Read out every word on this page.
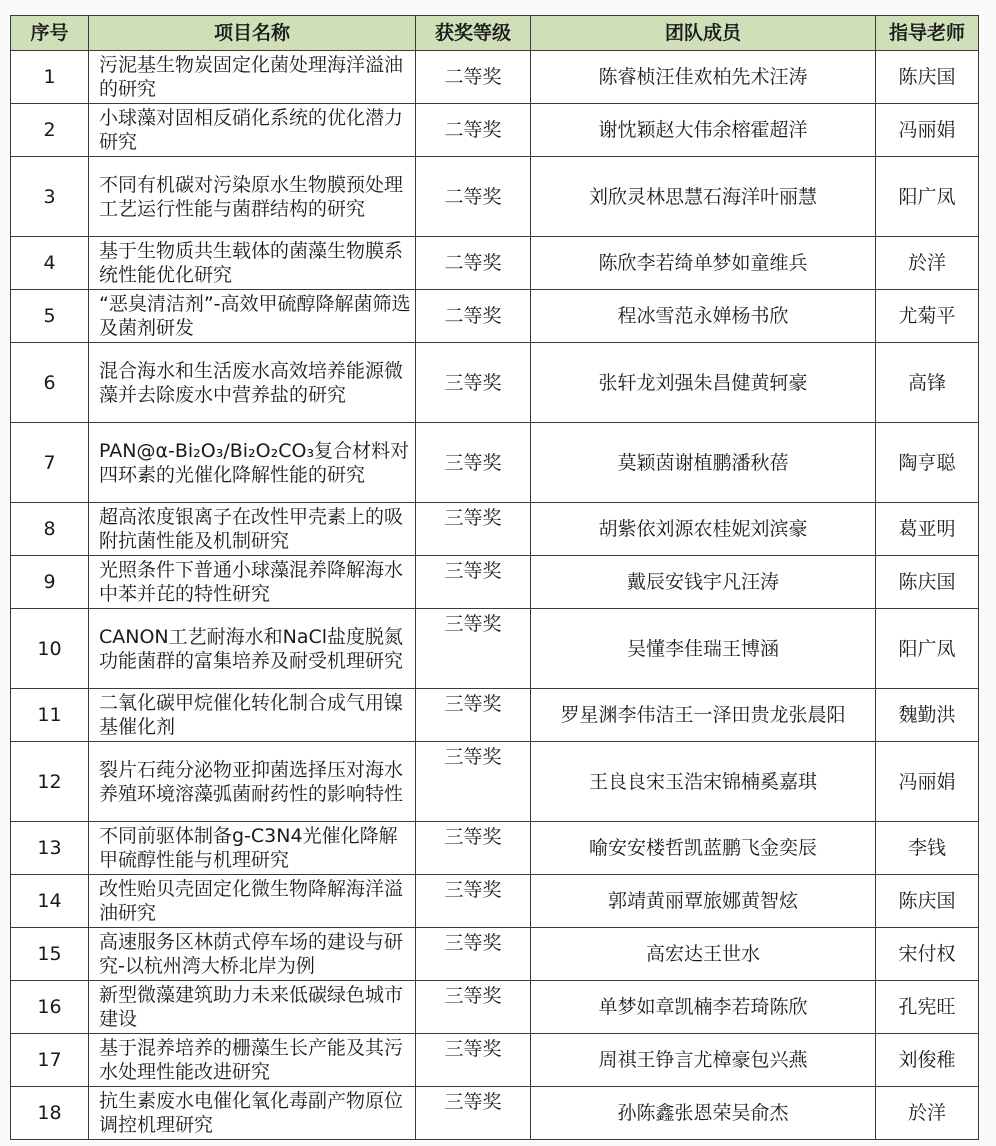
序号	项目名称	获奖等级	团队成员	指导老师
1	污泥基生物炭固定化菌处理海洋溢油的研究	二等奖	陈睿桢汪佳欢柏先术汪涛	陈庆国
2	小球藻对固相反硝化系统的优化潜力研究	二等奖	谢忱颖赵大伟余榕霍超洋	冯丽娟
3	不同有机碳对污染原水生物膜预处理工艺运行性能与菌群结构的研究	二等奖	刘欣灵林思慧石海洋叶丽慧	阳广凤
4	基于生物质共生载体的菌藻生物膜系统性能优化研究	二等奖	陈欣李若绮单梦如童维兵	於洋
5	“恶臭清洁剂”-高效甲硫醇降解菌筛选及菌剂研发	二等奖	程冰雪范永婵杨书欣	尤菊平
6	混合海水和生活废水高效培养能源微藻并去除废水中营养盐的研究	三等奖	张轩龙刘强朱昌健黄轲豪	高锋
7	PAN@α-Bi₂O₃/Bi₂O₂CO₃复合材料对四环素的光催化降解性能的研究	三等奖	莫颖茵谢植鹏潘秋蓓	陶亨聪
8	超高浓度银离子在改性甲壳素上的吸附抗菌性能及机制研究	三等奖	胡紫依刘源农桂妮刘滨豪	葛亚明
9	光照条件下普通小球藻混养降解海水中苯并芘的特性研究	三等奖	戴辰安钱宇凡汪涛	陈庆国
10	CANON工艺耐海水和NaCl盐度脱氮功能菌群的富集培养及耐受机理研究	三等奖	吴懂李佳瑞王博涵	阳广凤
11	二氧化碳甲烷催化转化制合成气用镍基催化剂	三等奖	罗星渊李伟洁王一泽田贵龙张晨阳	魏勤洪
12	裂片石莼分泌物亚抑菌选择压对海水养殖环境溶藻弧菌耐药性的影响特性	三等奖	王良良宋玉浩宋锦楠奚嘉琪	冯丽娟
13	不同前驱体制备g-C3N4光催化降解甲硫醇性能与机理研究	三等奖	喻安安楼哲凯蓝鹏飞金奕辰	李钱
14	改性贻贝壳固定化微生物降解海洋溢油研究	三等奖	郭靖黄丽覃旅娜黄智炫	陈庆国
15	高速服务区林荫式停车场的建设与研究-以杭州湾大桥北岸为例	三等奖	高宏达王世水	宋付权
16	新型微藻建筑助力未来低碳绿色城市建设	三等奖	单梦如章凯楠李若琦陈欣	孔宪旺
17	基于混养培养的栅藻生长产能及其污水处理性能改进研究	三等奖	周祺王铮言尤樟豪包兴燕	刘俊稚
18	抗生素废水电催化氧化毒副产物原位调控机理研究	三等奖	孙陈鑫张恩荣吴俞杰	於洋
